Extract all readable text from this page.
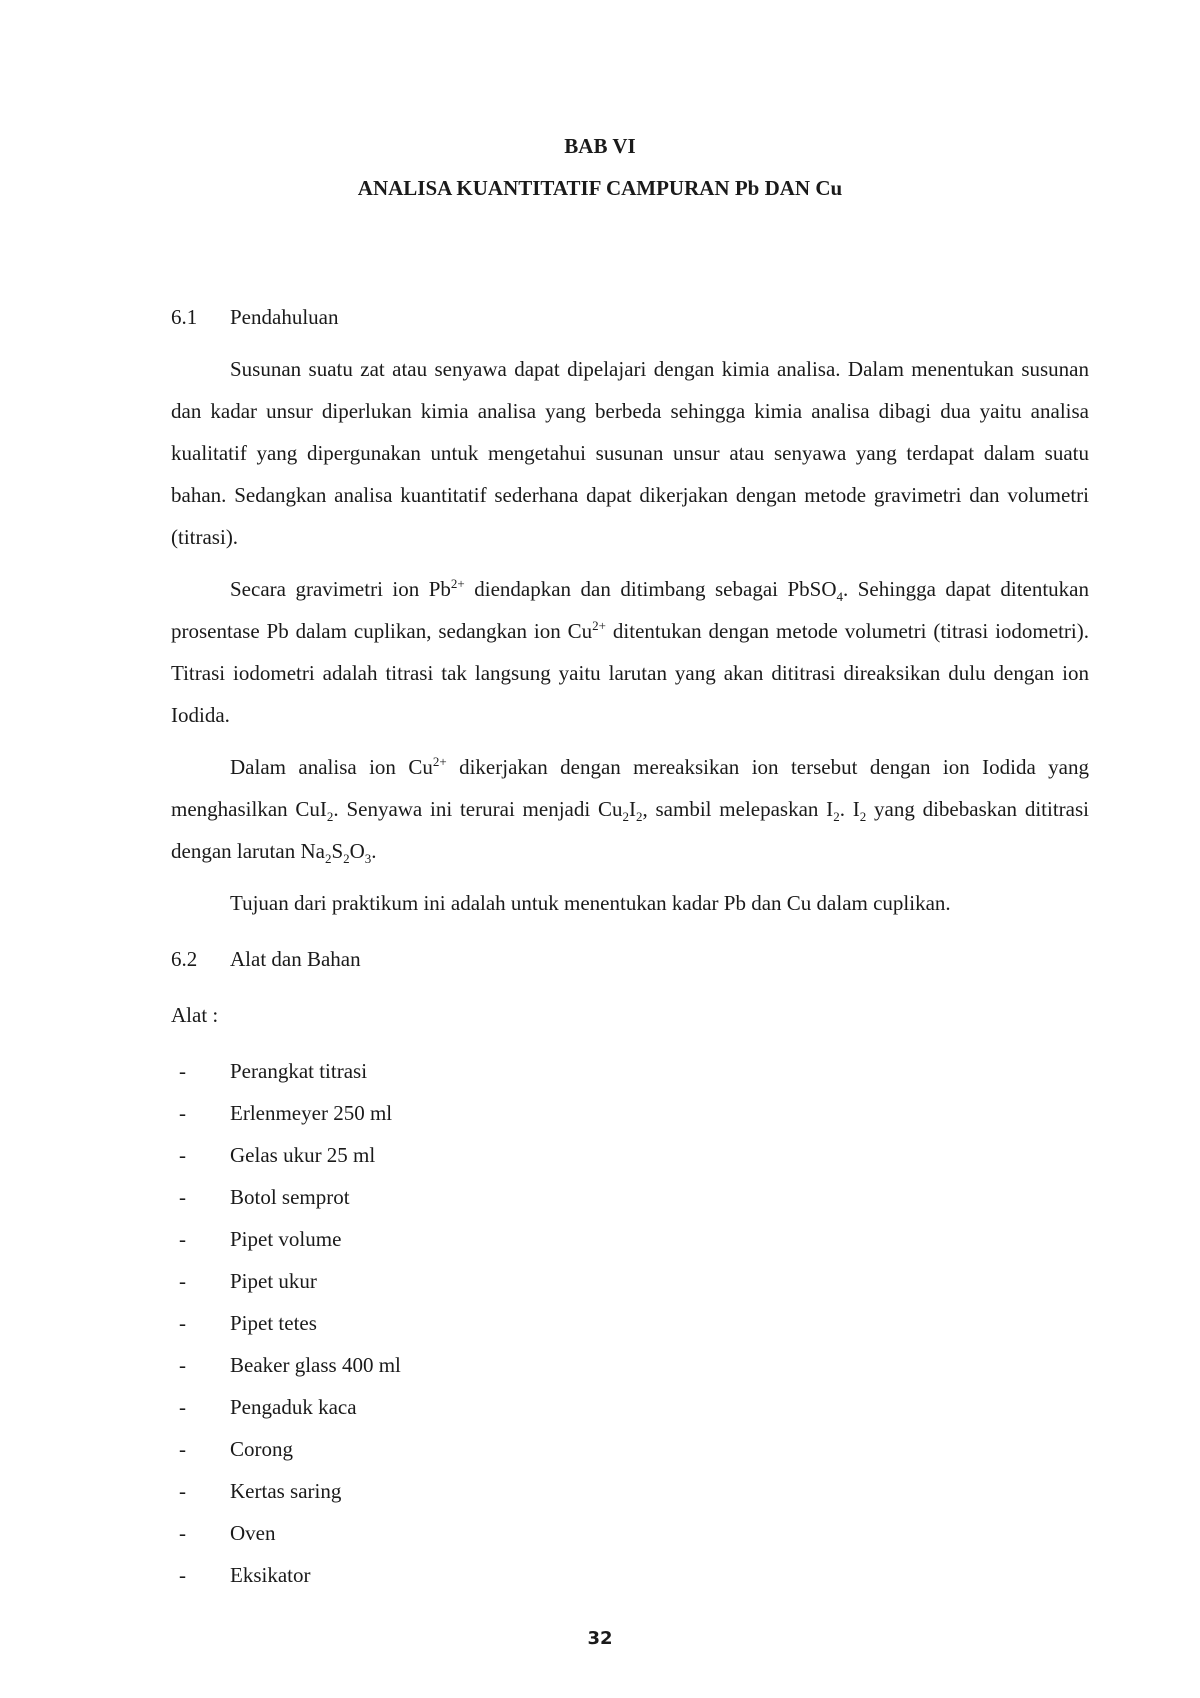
BAB VI
ANALISA KUANTITATIF CAMPURAN Pb DAN Cu
6.1 Pendahuluan

Susunan suatu zat atau senyawa dapat dipelajari dengan kimia analisa. Dalam menentukan susunan dan kadar unsur diperlukan kimia analisa yang berbeda sehingga kimia analisa dibagi dua yaitu analisa kualitatif yang dipergunakan untuk mengetahui susunan unsur atau senyawa yang terdapat dalam suatu bahan. Sedangkan analisa kuantitatif sederhana dapat dikerjakan dengan metode gravimetri dan volumetri (titrasi).

Secara gravimetri ion $Pb^{2+}$ diendapkan dan ditimbang sebagai PbSO$_4$. Sehingga dapat ditentukan prosentase Pb dalam cuplikan, sedangkan ion $Cu^{2+}$ ditentukan dengan metode volumetri (titrasi iodometri). Titrasi iodometri adalah titrasi tak langsung yaitu larutan yang akan dititrasi direaksikan dulu dengan ion Iodida.

Dalam analisa ion $Cu^{2+}$ dikerjakan dengan mereaksikan ion tersebut dengan ion Iodida yang menghasilkan CuI$_2$. Senyawa ini terurai menjadi $Cu_2I_2$, sambil melepaskan $I_2$. $I_2$ yang dibebaskan dititrasi dengan larutan $Na_2S_2O_3$.

Tujuan dari praktikum ini adalah untuk menentukan kadar Pb dan Cu dalam cuplikan.

6.2 Alat dan Bahan
Alat :
-	Perangkat titrasi
-	Erlenmeyer 250 ml
-	Gelas ukur 25 ml
-	Botol semprot
-	Pipet volume
-	Pipet ukur
-	Pipet tetes
-	Beaker glass 400 ml
-	Pengaduk kaca
-	Corong
-	Kertas saring
-	Oven
-	Eksikator
32
